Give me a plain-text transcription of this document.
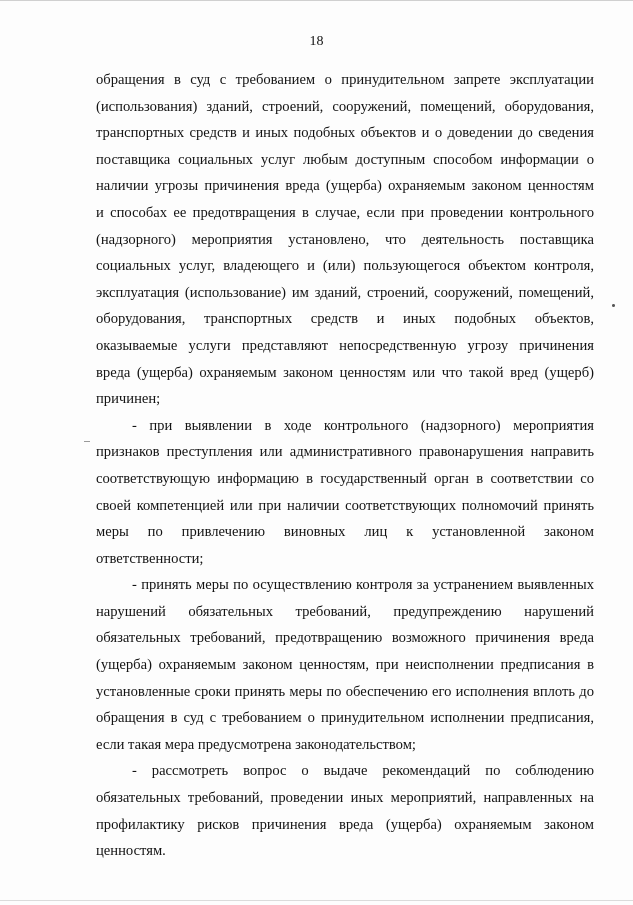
18
обращения в суд с требованием о принудительном запрете эксплуатации
(использования) зданий, строений, сооружений, помещений, оборудования,
транспортных средств и иных подобных объектов и о доведении до сведения
поставщика социальных услуг любым доступным способом информации о
наличии угрозы причинения вреда (ущерба) охраняемым законом ценностям
и способах ее предотвращения в случае, если при проведении контрольного
(надзорного) мероприятия установлено, что деятельность поставщика
социальных услуг, владеющего и (или) пользующегося объектом контроля,
эксплуатация (использование) им зданий, строений, сооружений, помещений,
оборудования, транспортных средств и иных подобных объектов,
оказываемые услуги представляют непосредственную угрозу причинения
вреда (ущерба) охраняемым законом ценностям или что такой вред (ущерб)
причинен;
- при выявлении в ходе контрольного (надзорного) мероприятия
признаков преступления или административного правонарушения направить
соответствующую информацию в государственный орган в соответствии со
своей компетенцией или при наличии соответствующих полномочий принять
меры по привлечению виновных лиц к установленной законом
ответственности;
- принять меры по осуществлению контроля за устранением выявленных
нарушений обязательных требований, предупреждению нарушений
обязательных требований, предотвращению возможного причинения вреда
(ущерба) охраняемым законом ценностям, при неисполнении предписания в
установленные сроки принять меры по обеспечению его исполнения вплоть до
обращения в суд с требованием о принудительном исполнении предписания,
если такая мера предусмотрена законодательством;
- рассмотреть вопрос о выдаче рекомендаций по соблюдению
обязательных требований, проведении иных мероприятий, направленных на
профилактику рисков причинения вреда (ущерба) охраняемым законом
ценностям.
